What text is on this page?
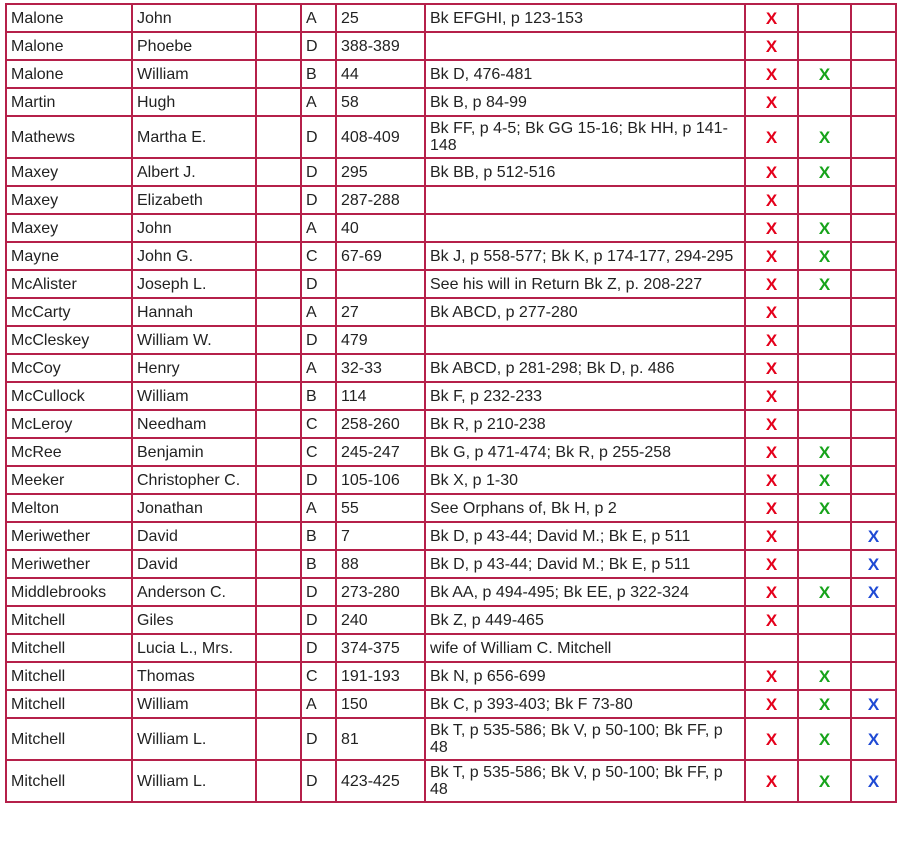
Malone	John		A	25	Bk EFGHI, p 123-153	X		
Malone	Phoebe		D	388-389		X		
Malone	William		B	44	Bk D, 476-481	X	X	
Martin	Hugh		A	58	Bk B, p 84-99	X		
Mathews	Martha E.		D	408-409	Bk FF, p 4-5; Bk GG 15-16; Bk HH, p 141-148	X	X	
Maxey	Albert J.		D	295	Bk BB, p 512-516	X	X	
Maxey	Elizabeth		D	287-288		X		
Maxey	John		A	40		X	X	
Mayne	John G.		C	67-69	Bk J, p 558-577; Bk K, p 174-177, 294-295	X	X	
McAlister	Joseph L.		D		See his will in Return Bk Z, p. 208-227	X	X	
McCarty	Hannah		A	27	Bk ABCD, p 277-280	X		
McCleskey	William W.		D	479		X		
McCoy	Henry		A	32-33	Bk ABCD, p 281-298; Bk D, p. 486	X		
McCullock	William		B	114	Bk F, p 232-233	X		
McLeroy	Needham		C	258-260	Bk R, p 210-238	X		
McRee	Benjamin		C	245-247	Bk G, p 471-474; Bk R, p 255-258	X	X	
Meeker	Christopher C.		D	105-106	Bk X, p 1-30	X	X	
Melton	Jonathan		A	55	See Orphans of, Bk H, p 2	X	X	
Meriwether	David		B	7	Bk D, p 43-44; David M.; Bk E, p 511	X		X
Meriwether	David		B	88	Bk D, p 43-44; David M.; Bk E, p 511	X		X
Middlebrooks	Anderson C.		D	273-280	Bk AA, p 494-495; Bk EE, p 322-324	X	X	X
Mitchell	Giles		D	240	Bk Z, p 449-465	X		
Mitchell	Lucia L., Mrs.		D	374-375	wife of William C. Mitchell			
Mitchell	Thomas		C	191-193	Bk N, p 656-699	X	X	
Mitchell	William		A	150	Bk C, p 393-403; Bk F 73-80	X	X	X
Mitchell	William L.		D	81	Bk T, p 535-586; Bk V, p 50-100; Bk FF, p 48	X	X	X
Mitchell	William L.		D	423-425	Bk T, p 535-586; Bk V, p 50-100; Bk FF, p 48	X	X	X
